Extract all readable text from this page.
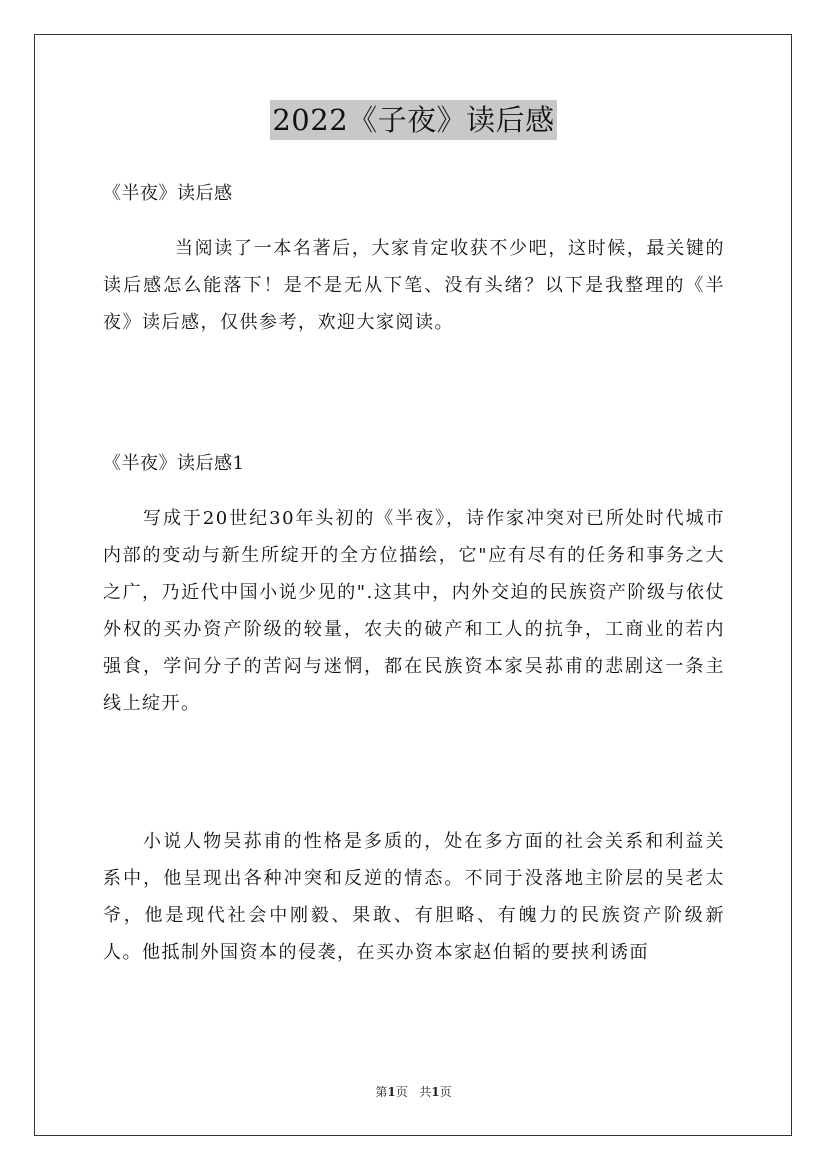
2022《子夜》读后感
《半夜》读后感

当阅读了一本名著后，大家肯定收获不少吧，这时候，最关键的读后感怎么能落下！是不是无从下笔、没有头绪？以下是我整理的《半夜》读后感，仅供参考，欢迎大家阅读。

《半夜》读后感1

写成于20世纪30年头初的《半夜》，诗作家冲突对已所处时代城市内部的变动与新生所绽开的全方位描绘，它"应有尽有的任务和事务之大之广，乃近代中国小说少见的".这其中，内外交迫的民族资产阶级与依仗外权的买办资产阶级的较量，农夫的破产和工人的抗争，工商业的若内强食，学问分子的苦闷与迷惘，都在民族资本家吴荪甫的悲剧这一条主线上绽开。

小说人物吴荪甫的性格是多质的，处在多方面的社会关系和利益关系中，他呈现出各种冲突和反逆的情态。不同于没落地主阶层的吴老太爷，他是现代社会中刚毅、果敢、有胆略、有魄力的民族资产阶级新人。他抵制外国资本的侵袭，在买办资本家赵伯韬的要挟利诱面

第1页 共1页
